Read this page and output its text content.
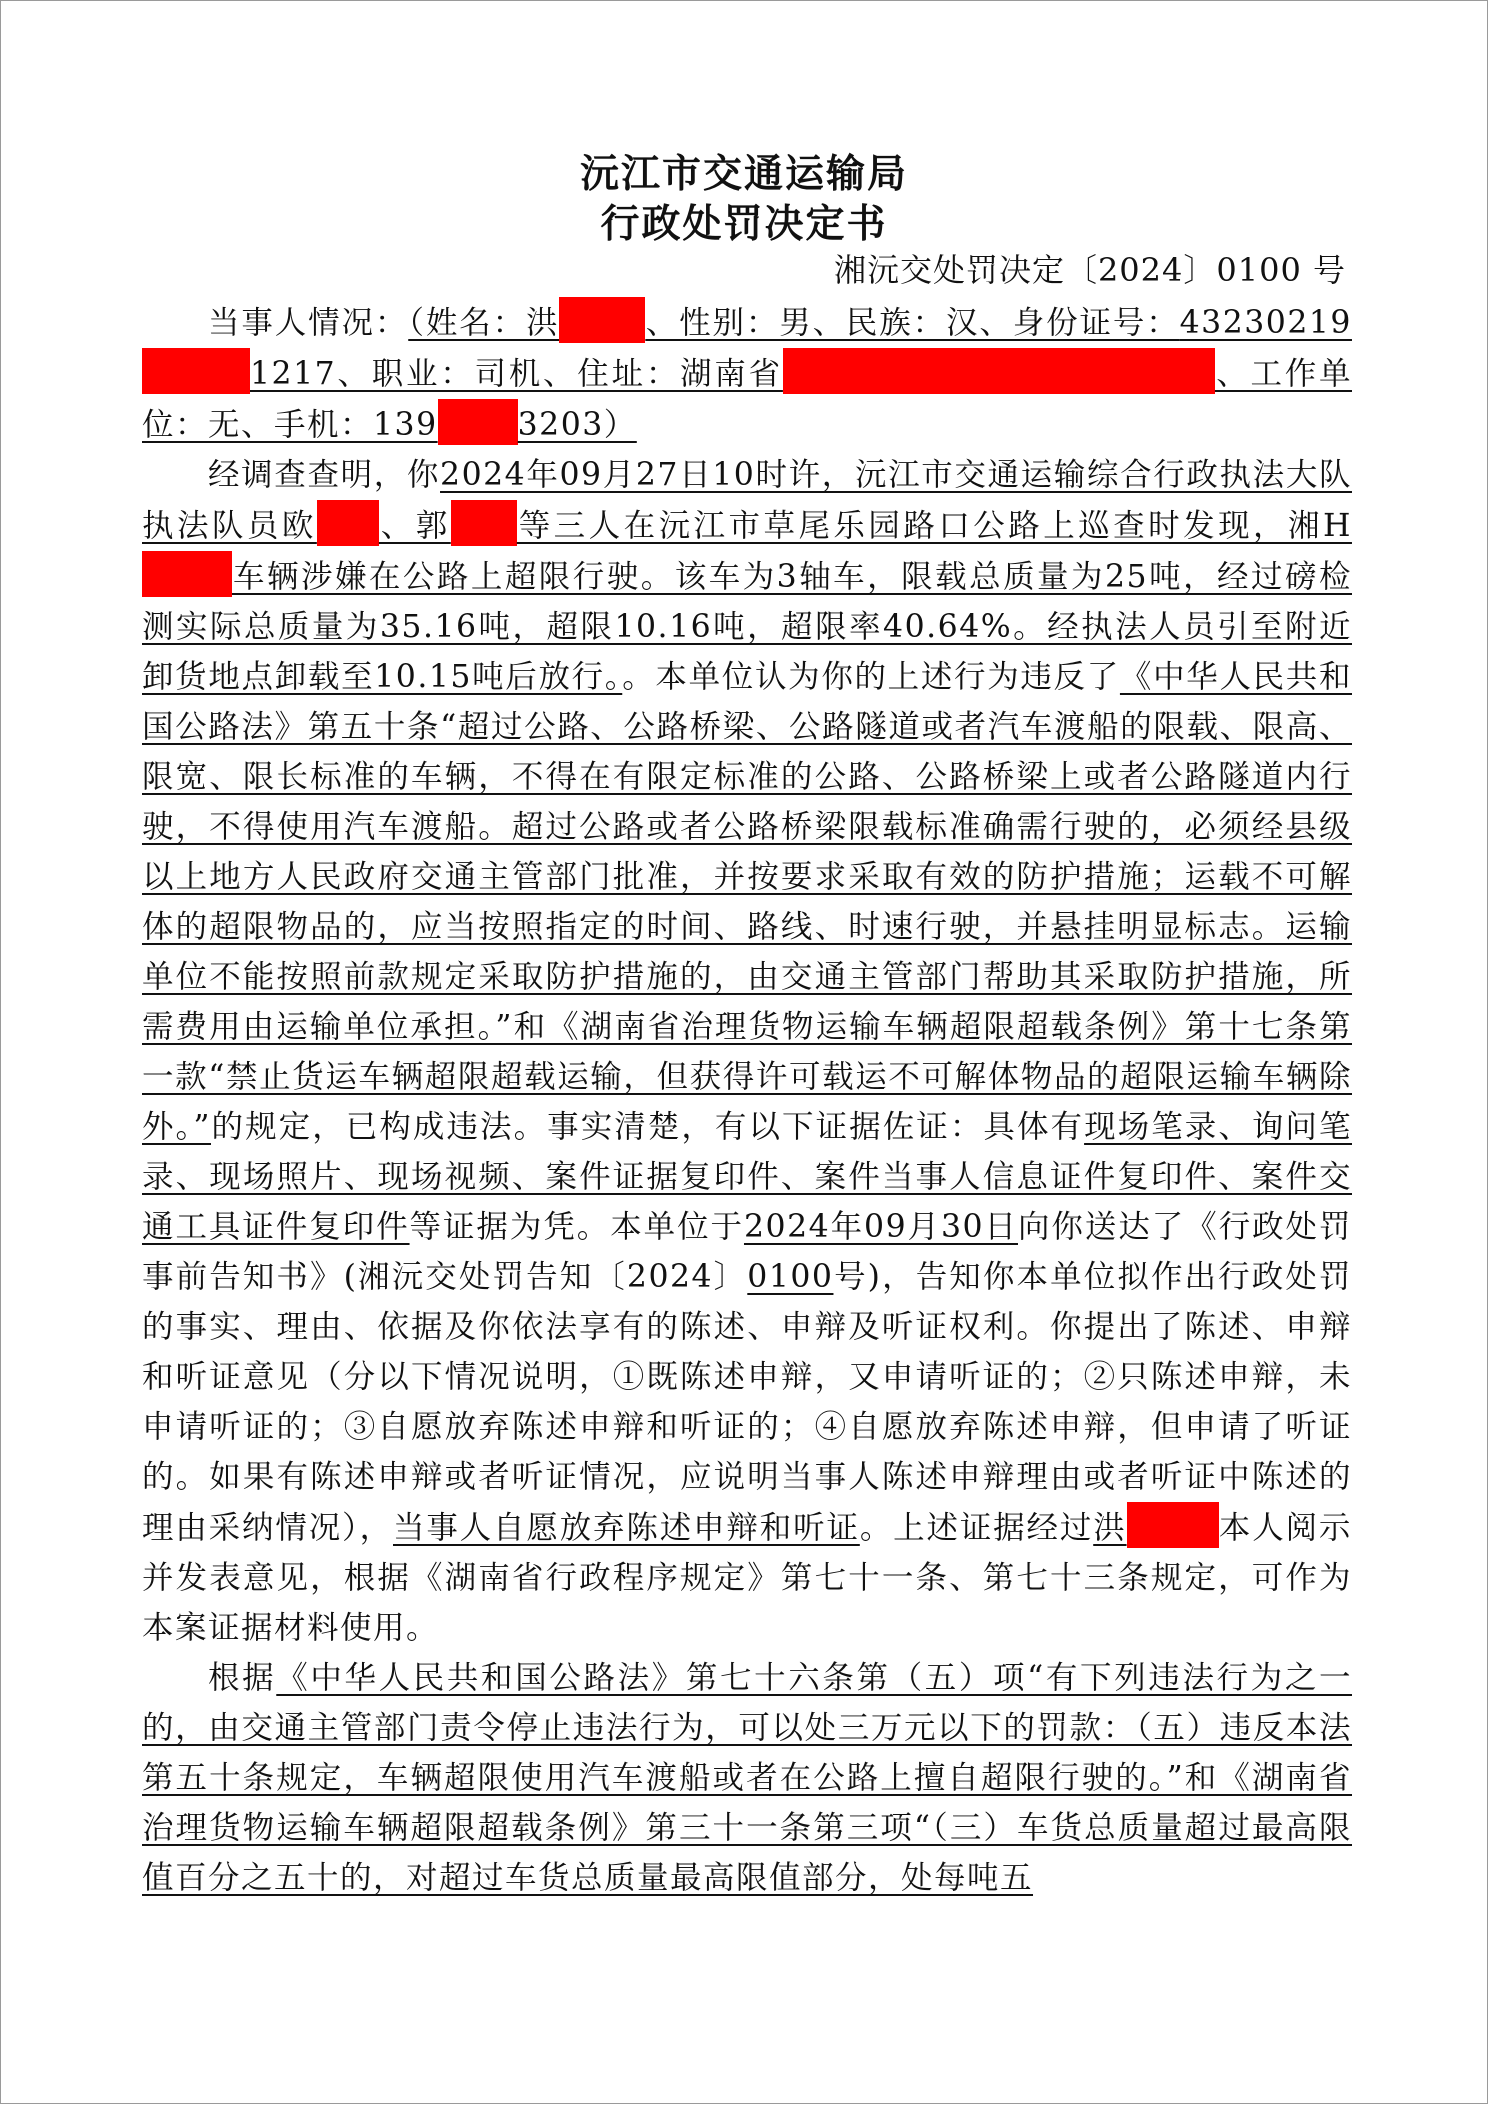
沅江市交通运输局
行政处罚决定书
湘沅交处罚决定〔2024〕0100 号

当事人情况：（姓名：洪	、性别：男、民族：汉、身份证号：432302191217、职业：司机、住址：湖南省	、工作单位：无、手机：139	3203）

经调查查明，你2024年09月27日10时许，沅江市交通运输综合行政执法大队执法队员欧 、郭 等三人在沅江市草尾乐园路口公路上巡查时发现，湘H车辆涉嫌在公路上超限行驶。该车为3轴车，限载总质量为25吨，经过磅检测实际总质量为35.16吨，超限10.16吨，超限率40.64%。经执法人员引至附近卸货地点卸载至10.15吨后放行。。本单位认为你的上述行为违反了《中华人民共和国公路法》第五十条“超过公路、公路桥梁、公路隧道或者汽车渡船的限载、限高、限宽、限长标准的车辆，不得在有限定标准的公路、公路桥梁上或者公路隧道内行驶，不得使用汽车渡船。超过公路或者公路桥梁限载标准确需行驶的，必须经县级以上地方人民政府交通主管部门批准，并按要求采取有效的防护措施；运载不可解体的超限物品的，应当按照指定的时间、路线、时速行驶，并悬挂明显标志。运输单位不能按照前款规定采取防护措施的，由交通主管部门帮助其采取防护措施，所需费用由运输单位承担。”和《湖南省治理货物运输车辆超限超载条例》第十七条第一款“禁止货运车辆超限超载运输，但获得许可载运不可解体物品的超限运输车辆除外。”的规定，已构成违法。事实清楚，有以下证据佐证：具体有现场笔录、询问笔录、现场照片、现场视频、案件证据复印件、案件当事人信息证件复印件、案件交通工具证件复印件等证据为凭。本单位于2024年09月30日向你送达了《行政处罚事前告知书》(湘沅交处罚告知〔2024〕0100号)，告知你本单位拟作出行政处罚的事实、理由、依据及你依法享有的陈述、申辩及听证权利。你提出了陈述、申辩和听证意见（分以下情况说明，①既陈述申辩，又申请听证的；②只陈述申辩，未申请听证的；③自愿放弃陈述申辩和听证的；④自愿放弃陈述申辩，但申请了听证的。如果有陈述申辩或者听证情况，应说明当事人陈述申辩理由或者听证中陈述的理由采纳情况），当事人自愿放弃陈述申辩和听证。上述证据经过洪	本人阅示并发表意见，根据《湖南省行政程序规定》第七十一条、第七十三条规定，可作为本案证据材料使用。

根据《中华人民共和国公路法》第七十六条第（五）项“有下列违法行为之一的，由交通主管部门责令停止违法行为，可以处三万元以下的罚款：（五）违反本法第五十条规定，车辆超限使用汽车渡船或者在公路上擅自超限行驶的。”和《湖南省治理货物运输车辆超限超载条例》第三十一条第三项“（三）车货总质量超过最高限值百分之五十的，对超过车货总质量最高限值部分，处每吨五
